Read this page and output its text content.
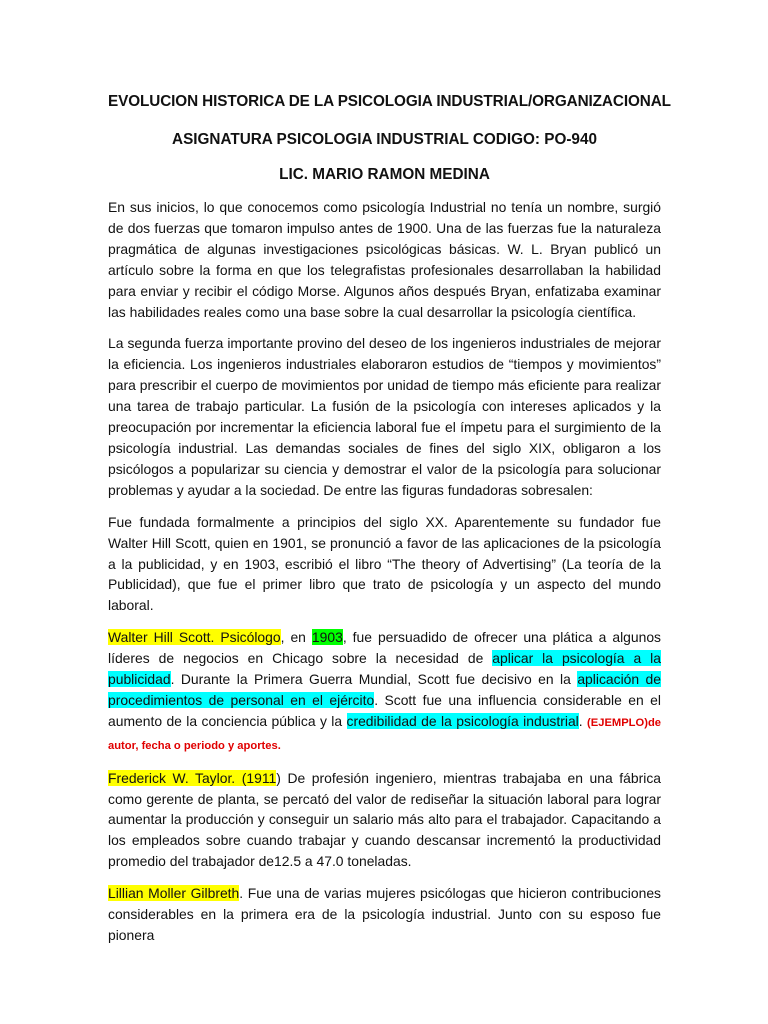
EVOLUCION HISTORICA DE LA PSICOLOGIA INDUSTRIAL/ORGANIZACIONAL
ASIGNATURA PSICOLOGIA INDUSTRIAL CODIGO: PO-940
LIC. MARIO RAMON MEDINA

En sus inicios, lo que conocemos como psicología Industrial no tenía un nombre, surgió de dos fuerzas que tomaron impulso antes de 1900. Una de las fuerzas fue la naturaleza pragmática de algunas investigaciones psicológicas básicas. W. L. Bryan publicó un artículo sobre la forma en que los telegrafistas profesionales desarrollaban la habilidad para enviar y recibir el código Morse. Algunos años después Bryan, enfatizaba examinar las habilidades reales como una base sobre la cual desarrollar la psicología científica.

La segunda fuerza importante provino del deseo de los ingenieros industriales de mejorar la eficiencia. Los ingenieros industriales elaboraron estudios de “tiempos y movimientos” para prescribir el cuerpo de movimientos por unidad de tiempo más eficiente para realizar una tarea de trabajo particular. La fusión de la psicología con intereses aplicados y la preocupación por incrementar la eficiencia laboral fue el ímpetu para el surgimiento de la psicología industrial. Las demandas sociales de fines del siglo XIX, obligaron a los psicólogos a popularizar su ciencia y demostrar el valor de la psicología para solucionar problemas y ayudar a la sociedad. De entre las figuras fundadoras sobresalen:

Fue fundada formalmente a principios del siglo XX. Aparentemente su fundador fue Walter Hill Scott, quien en 1901, se pronunció a favor de las aplicaciones de la psicología a la publicidad, y en 1903, escribió el libro “The theory of Advertising” (La teoría de la Publicidad), que fue el primer libro que trato de psicología y un aspecto del mundo laboral.

Walter Hill Scott. Psicólogo, en 1903, fue persuadido de ofrecer una plática a algunos líderes de negocios en Chicago sobre la necesidad de aplicar la psicología a la publicidad. Durante la Primera Guerra Mundial, Scott fue decisivo en la aplicación de procedimientos de personal en el ejército. Scott fue una influencia considerable en el aumento de la conciencia pública y la credibilidad de la psicología industrial. (EJEMPLO)de autor, fecha o periodo y aportes.

Frederick W. Taylor. (1911) De profesión ingeniero, mientras trabajaba en una fábrica como gerente de planta, se percató del valor de rediseñar la situación laboral para lograr aumentar la producción y conseguir un salario más alto para el trabajador. Capacitando a los empleados sobre cuando trabajar y cuando descansar incrementó la productividad promedio del trabajador de12.5 a 47.0 toneladas.

Lillian Moller Gilbreth. Fue una de varias mujeres psicólogas que hicieron contribuciones considerables en la primera era de la psicología industrial. Junto con su esposo fue pionera
